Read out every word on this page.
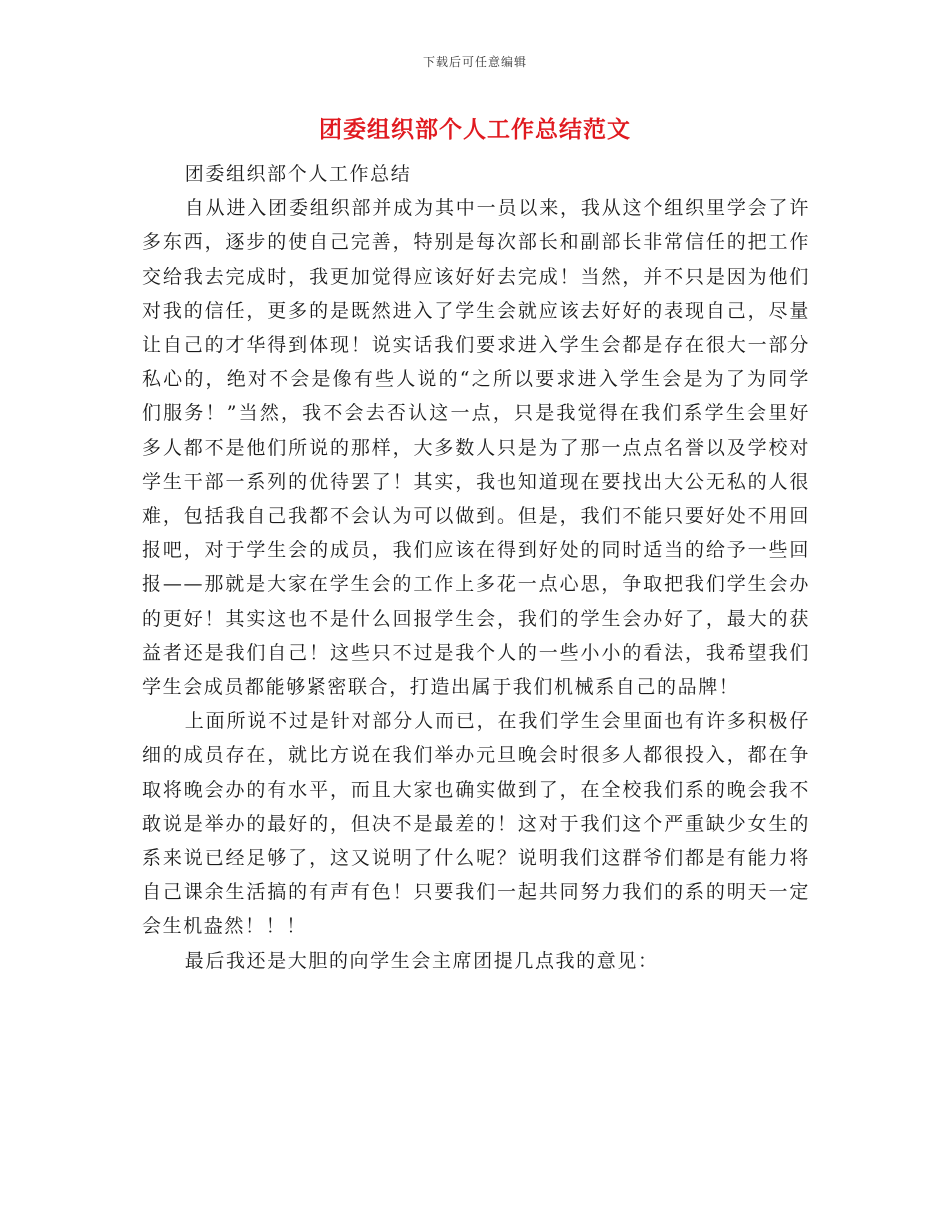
下载后可任意编辑
团委组织部个人工作总结范文

团委组织部个人工作总结

自从进入团委组织部并成为其中一员以来，我从这个组织里学会了许多东西，逐步的使自己完善，特别是每次部长和副部长非常信任的把工作交给我去完成时，我更加觉得应该好好去完成！当然，并不只是因为他们对我的信任，更多的是既然进入了学生会就应该去好好的表现自己，尽量让自己的才华得到体现！说实话我们要求进入学生会都是存在很大一部分私心的，绝对不会是像有些人说的“之所以要求进入学生会是为了为同学们服务！”当然，我不会去否认这一点，只是我觉得在我们系学生会里好多人都不是他们所说的那样，大多数人只是为了那一点点名誉以及学校对学生干部一系列的优待罢了！其实，我也知道现在要找出大公无私的人很难，包括我自己我都不会认为可以做到。但是，我们不能只要好处不用回报吧，对于学生会的成员，我们应该在得到好处的同时适当的给予一些回报——那就是大家在学生会的工作上多花一点心思，争取把我们学生会办的更好！其实这也不是什么回报学生会，我们的学生会办好了，最大的获益者还是我们自己！这些只不过是我个人的一些小小的看法，我希望我们学生会成员都能够紧密联合，打造出属于我们机械系自己的品牌！

上面所说不过是针对部分人而已，在我们学生会里面也有许多积极仔细的成员存在，就比方说在我们举办元旦晚会时很多人都很投入，都在争取将晚会办的有水平，而且大家也确实做到了，在全校我们系的晚会我不敢说是举办的最好的，但决不是最差的！这对于我们这个严重缺少女生的系来说已经足够了，这又说明了什么呢？说明我们这群爷们都是有能力将自己课余生活搞的有声有色！只要我们一起共同努力我们的系的明天一定会生机盎然！！！

最后我还是大胆的向学生会主席团提几点我的意见：
